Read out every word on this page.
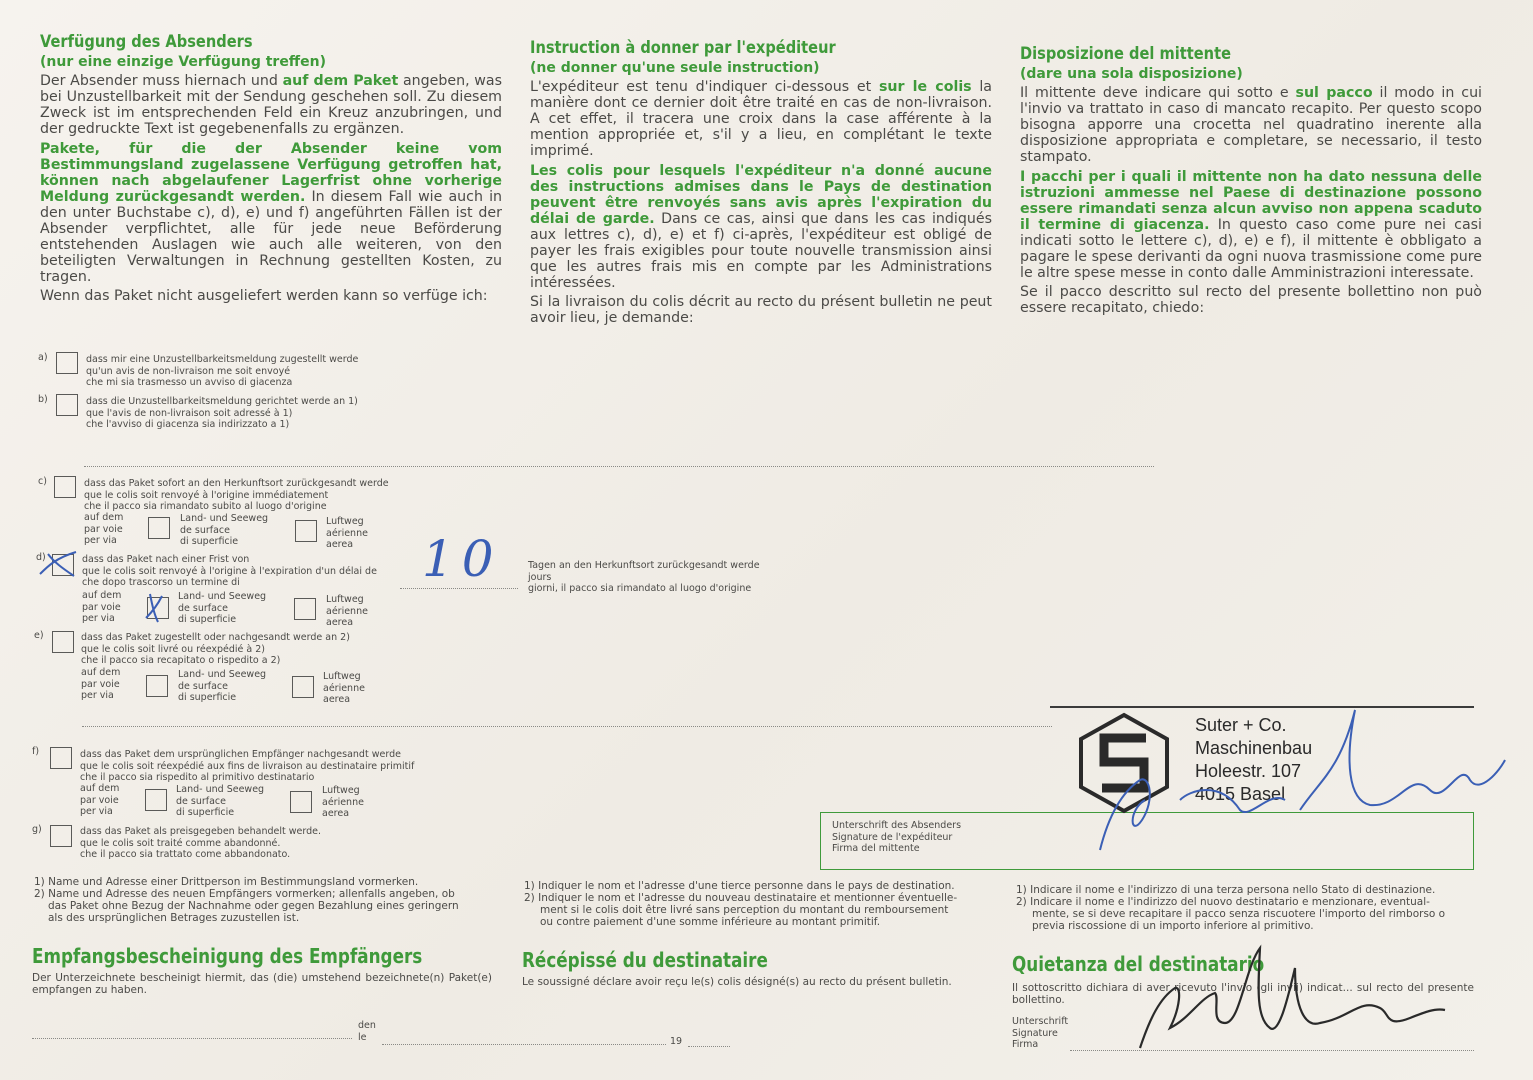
Verfügung des Absenders
(nur eine einzige Verfügung treffen)
Der Absender muss hiernach und auf dem Paket angeben, was bei Unzustellbarkeit mit der Sendung geschehen soll. Zu diesem Zweck ist im entsprechenden Feld ein Kreuz anzubringen, und der gedruckte Text ist gegebenenfalls zu ergänzen.
Pakete, für die der Absender keine vom Bestimmungsland zugelassene Verfügung getroffen hat, können nach abgelaufener Lagerfrist ohne vorherige Meldung zurückgesandt werden. In diesem Fall wie auch in den unter Buchstabe c), d), e) und f) angeführten Fällen ist der Absender verpflichtet, alle für jede neue Beförderung entstehenden Auslagen wie auch alle weiteren, von den beteiligten Verwaltungen in Rechnung gestellten Kosten, zu tragen.
Wenn das Paket nicht ausgeliefert werden kann so verfüge ich:
Instruction à donner par l'expéditeur
(ne donner qu'une seule instruction)
L'expéditeur est tenu d'indiquer ci-dessous et sur le colis la manière dont ce dernier doit être traité en cas de non-livraison. A cet effet, il tracera une croix dans la case afférente à la mention appropriée et, s'il y a lieu, en complétant le texte imprimé.
Les colis pour lesquels l'expéditeur n'a donné aucune des instructions admises dans le Pays de destination peuvent être renvoyés sans avis après l'expiration du délai de garde. Dans ce cas, ainsi que dans les cas indiqués aux lettres c), d), e) et f) ci-après, l'expéditeur est obligé de payer les frais exigibles pour toute nouvelle transmission ainsi que les autres frais mis en compte par les Administrations intéressées.
Si la livraison du colis décrit au recto du présent bulletin ne peut avoir lieu, je demande:
Disposizione del mittente
(dare una sola disposizione)
Il mittente deve indicare qui sotto e sul pacco il modo in cui l'invio va trattato in caso di mancato recapito. Per questo scopo bisogna apporre una crocetta nel quadratino inerente alla disposizione appropriata e completare, se necessario, il testo stampato.
I pacchi per i quali il mittente non ha dato nessuna delle istruzioni ammesse nel Paese di destinazione possono essere rimandati senza alcun avviso non appena scaduto il termine di giacenza. In questo caso come pure nei casi indicati sotto le lettere c), d), e) e f), il mittente è obbligato a pagare le spese derivanti da ogni nuova trasmissione come pure le altre spese messe in conto dalle Amministrazioni interessate.
Se il pacco descritto sul recto del presente bollettino non può essere recapitato, chiedo:
a)	dass mir eine Unzustellbarkeitsmeldung zugestellt werde
qu'un avis de non-livraison me soit envoyé
che mi sia trasmesso un avviso di giacenza
b)	dass die Unzustellbarkeitsmeldung gerichtet werde an 1)
que l'avis de non-livraison soit adressé à 1)
che l'avviso di giacenza sia indirizzato a 1)
c)	dass das Paket sofort an den Herkunftsort zurückgesandt werde
que le colis soit renvoyé à l'origine immédiatement
che il pacco sia rimandato subito al luogo d'origine
auf dem
par voie
per via
Land- und Seeweg
de surface
di superficie
Luftweg
aérienne
aerea
d)	dass das Paket nach einer Frist von
que le colis soit renvoyé à l'origine à l'expiration d'un délai de
che dopo trascorso un termine di	10	Tagen an den Herkunftsort zurückgesandt werde
jours
giorni, il pacco sia rimandato al luogo d'origine
auf dem
par voie
per via
Land- und Seeweg
de surface
di superficie
Luftweg
aérienne
aerea
e)	dass das Paket zugestellt oder nachgesandt werde an 2)
que le colis soit livré ou réexpédié à 2)
che il pacco sia recapitato o rispedito a 2)
auf dem
par voie
per via
Land- und Seeweg
de surface
di superficie
Luftweg
aérienne
aerea
f)	dass das Paket dem ursprünglichen Empfänger nachgesandt werde
que le colis soit réexpédié aux fins de livraison au destinataire primitif
che il pacco sia rispedito al primitivo destinatario
auf dem
par voie
per via
Land- und Seeweg
de surface
di superficie
Luftweg
aérienne
aerea
g)	dass das Paket als preisgegeben behandelt werde.
que le colis soit traité comme abandonné.
che il pacco sia trattato come abbandonato.
Unterschrift des Absenders
Signature de l'expéditeur
Firma del mittente
Suter + Co.
Maschinenbau
Holeestr. 107
4015 Basel
1) Name und Adresse einer Drittperson im Bestimmungsland vormerken.
2) Name und Adresse des neuen Empfängers vormerken; allenfalls angeben, ob
das Paket ohne Bezug der Nachnahme oder gegen Bezahlung eines geringern
als des ursprünglichen Betrages zuzustellen ist.
1) Indiquer le nom et l'adresse d'une tierce personne dans le pays de destination.
2) Indiquer le nom et l'adresse du nouveau destinataire et mentionner éventuelle-
ment si le colis doit être livré sans perception du montant du remboursement
ou contre paiement d'une somme inférieure au montant primitif.
1) Indicare il nome e l'indirizzo di una terza persona nello Stato di destinazione.
2) Indicare il nome e l'indirizzo del nuovo destinatario e menzionare, eventual-
mente, se si deve recapitare il pacco senza riscuotere l'importo del rimborso o
previa riscossione di un importo inferiore al primitivo.
Empfangsbescheinigung des Empfängers
Der Unterzeichnete bescheinigt hiermit, das (die) umstehend bezeichnete(n) Paket(e) empfangen zu haben.
Récépissé du destinataire
Le soussigné déclare avoir reçu le(s) colis désigné(s) au recto du présent bulletin.
Quietanza del destinatario
Il sottoscritto dichiara di aver ricevuto l'invio (gli invii) indicat... sul recto del presente bollettino.
den
le	19
Unterschrift
Signature
Firma
